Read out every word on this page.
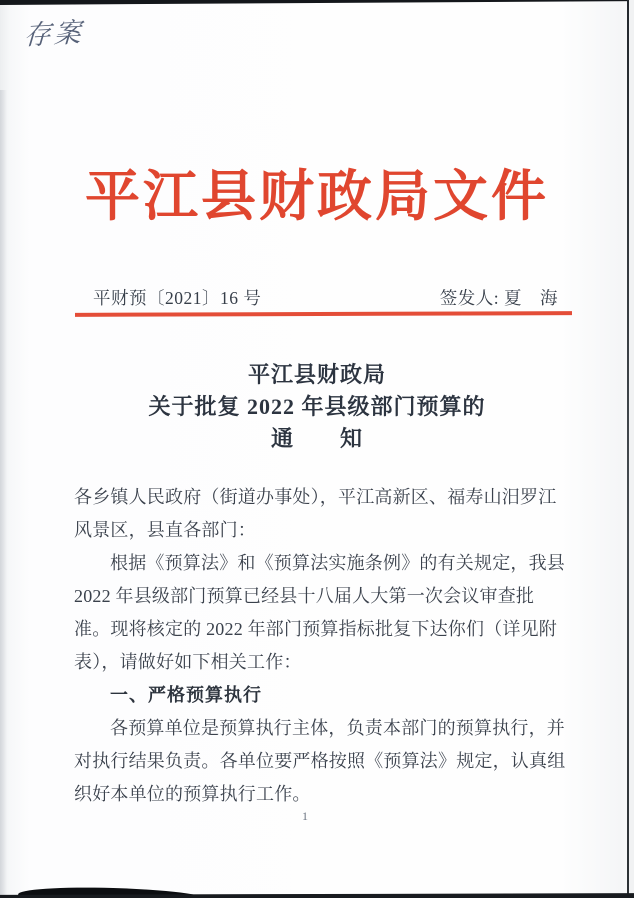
存案
平江县财政局文件
平财预〔2021〕16 号	签发人: 夏　海
平江县财政局
关于批复 2022 年县级部门预算的
通　　知
各乡镇人民政府（街道办事处），平江高新区、福寿山汨罗江
风景区，县直各部门：
根据《预算法》和《预算法实施条例》的有关规定，我县
2022 年县级部门预算已经县十八届人大第一次会议审查批
准。现将核定的 2022 年部门预算指标批复下达你们（详见附
表），请做好如下相关工作：
一、严格预算执行
各预算单位是预算执行主体，负责本部门的预算执行，并
对执行结果负责。各单位要严格按照《预算法》规定，认真组
织好本单位的预算执行工作。
1
